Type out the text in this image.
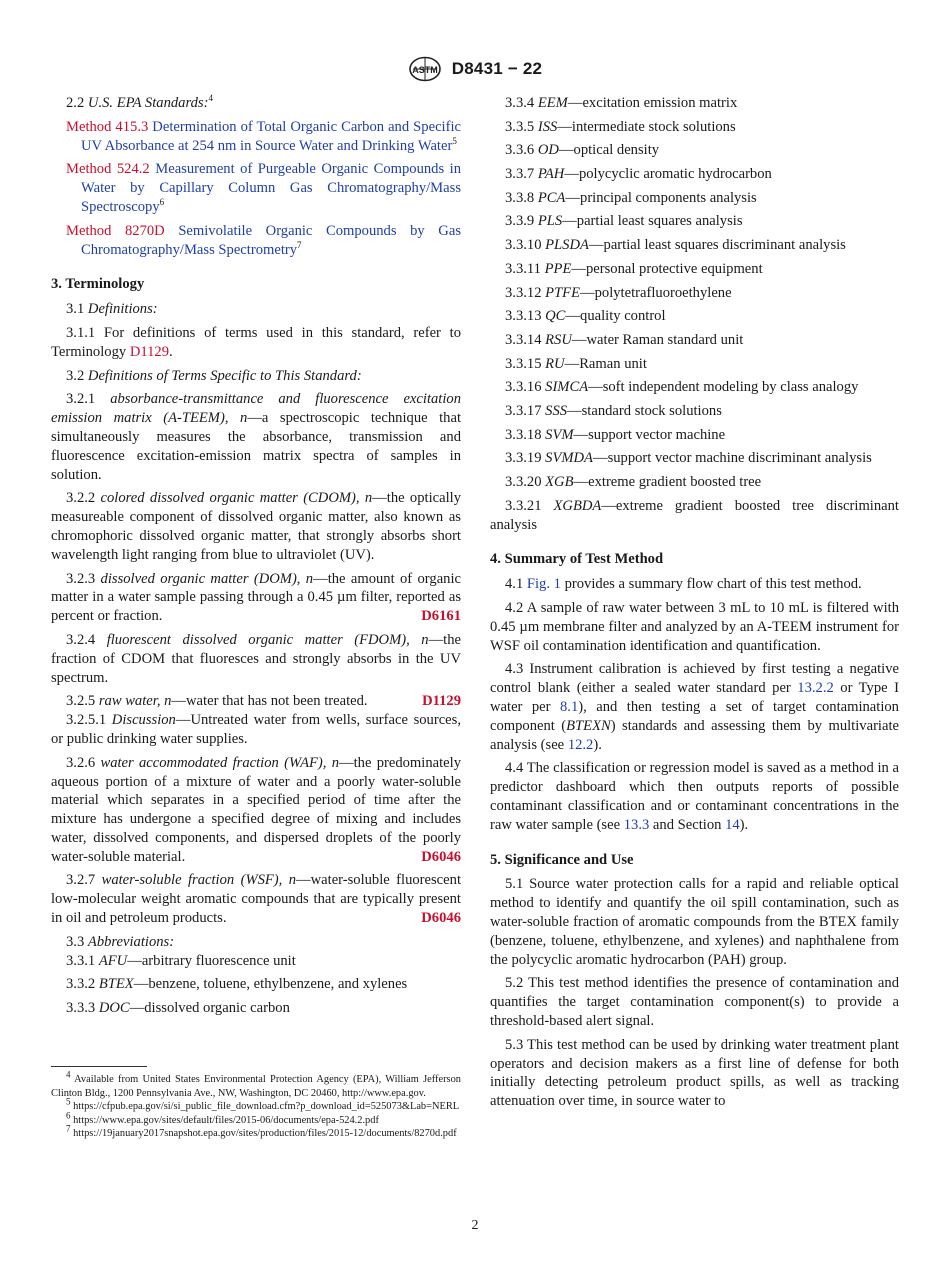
ASTM D8431 − 22

2.2 U.S. EPA Standards:$^4$

Method 415.3 Determination of Total Organic Carbon and Specific UV Absorbance at 254 nm in Source Water and Drinking Water$^5$

Method 524.2 Measurement of Purgeable Organic Compounds in Water by Capillary Column Gas Chromatography/Mass Spectroscopy$^6$

Method 8270D Semivolatile Organic Compounds by Gas Chromatography/Mass Spectrometry$^7$

3. Terminology

3.1 Definitions:

3.1.1 For definitions of terms used in this standard, refer to Terminology D1129.

3.2 Definitions of Terms Specific to This Standard:

3.2.1 absorbance-transmittance and fluorescence excitation emission matrix (A-TEEM), n—a spectroscopic technique that simultaneously measures the absorbance, transmission and fluorescence excitation-emission matrix spectra of samples in solution.

3.2.2 colored dissolved organic matter (CDOM), n—the optically measureable component of dissolved organic matter, also known as chromophoric dissolved organic matter, that strongly absorbs short wavelength light ranging from blue to ultraviolet (UV).

3.2.3 dissolved organic matter (DOM), n—the amount of organic matter in a water sample passing through a 0.45 µm filter, reported as percent or fraction.	D6161

3.2.4 fluorescent dissolved organic matter (FDOM), n—the fraction of CDOM that fluoresces and strongly absorbs in the UV spectrum.

3.2.5 raw water, n—water that has not been treated.	D1129

3.2.5.1 Discussion—Untreated water from wells, surface sources, or public drinking water supplies.

3.2.6 water accommodated fraction (WAF), n—the predominately aqueous portion of a mixture of water and a poorly water-soluble material which separates in a specified period of time after the mixture has undergone a specified degree of mixing and includes water, dissolved components, and dispersed droplets of the poorly water-soluble material.	D6046

3.2.7 water-soluble fraction (WSF), n—water-soluble fluorescent low-molecular weight aromatic compounds that are typically present in oil and petroleum products.	D6046

3.3 Abbreviations:

3.3.1 AFU—arbitrary fluorescence unit

3.3.2 BTEX—benzene, toluene, ethylbenzene, and xylenes

3.3.3 DOC—dissolved organic carbon

3.3.4 EEM—excitation emission matrix

3.3.5 ISS—intermediate stock solutions

3.3.6 OD—optical density

3.3.7 PAH—polycyclic aromatic hydrocarbon

3.3.8 PCA—principal components analysis

3.3.9 PLS—partial least squares analysis

3.3.10 PLSDA—partial least squares discriminant analysis

3.3.11 PPE—personal protective equipment

3.3.12 PTFE—polytetrafluoroethylene

3.3.13 QC—quality control

3.3.14 RSU—water Raman standard unit

3.3.15 RU—Raman unit

3.3.16 SIMCA—soft independent modeling by class analogy

3.3.17 SSS—standard stock solutions

3.3.18 SVM—support vector machine

3.3.19 SVMDA—support vector machine discriminant analysis

3.3.20 XGB—extreme gradient boosted tree

3.3.21 XGBDA—extreme gradient boosted tree discriminant analysis

4. Summary of Test Method

4.1 Fig. 1 provides a summary flow chart of this test method.

4.2 A sample of raw water between 3 mL to 10 mL is filtered with 0.45 µm membrane filter and analyzed by an A-TEEM instrument for WSF oil contamination identification and quantification.

4.3 Instrument calibration is achieved by first testing a negative control blank (either a sealed water standard per 13.2.2 or Type I water per 8.1), and then testing a set of target contamination component (BTEXN) standards and assessing them by multivariate analysis (see 12.2).

4.4 The classification or regression model is saved as a method in a predictor dashboard which then outputs reports of possible contaminant classification and or contaminant concentrations in the raw water sample (see 13.3 and Section 14).

5. Significance and Use

5.1 Source water protection calls for a rapid and reliable optical method to identify and quantify the oil spill contamination, such as water-soluble fraction of aromatic compounds from the BTEX family (benzene, toluene, ethylbenzene, and xylenes) and naphthalene from the polycyclic aromatic hydrocarbon (PAH) group.

5.2 This test method identifies the presence of contamination and quantifies the target contamination component(s) to provide a threshold-based alert signal.

5.3 This test method can be used by drinking water treatment plant operators and decision makers as a first line of defense for both initially detecting petroleum product spills, as well as tracking attenuation over time, in source water to

$^4$ Available from United States Environmental Protection Agency (EPA), William Jefferson Clinton Bldg., 1200 Pennsylvania Ave., NW, Washington, DC 20460, http://www.epa.gov.

$^5$ https://cfpub.epa.gov/si/si_public_file_download.cfm?p_download_id=525073&Lab=NERL

$^6$ https://www.epa.gov/sites/default/files/2015-06/documents/epa-524.2.pdf

$^7$ https://19january2017snapshot.epa.gov/sites/production/files/2015-12/documents/8270d.pdf

2
